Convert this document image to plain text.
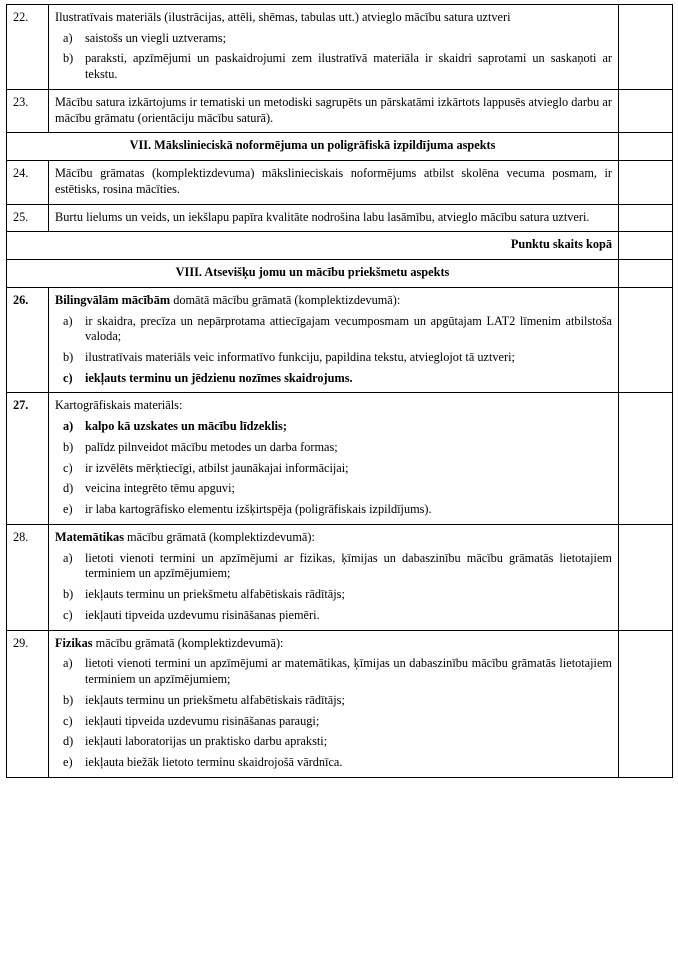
22.	Ilustratīvais materiāls (ilustrācijas, attēli, shēmas, tabulas utt.) atvieglo mācību satura uztveri
a) saistošs un viegli uztverams;
b) paraksti, apzīmējumi un paskaidrojumi zem ilustratīvā materiāla ir skaidri saprotami un saskaņoti ar tekstu.

23.	Mācību satura izkārtojums ir tematiski un metodiski sagrupēts un pārskatāmi izkārtots lappusēs atvieglo darbu ar mācību grāmatu (orientāciju mācību saturā).	

VII. Mākslinieciskā noformējuma un poligrāfiskā izpildījuma aspekts		
24.	Mācību grāmatas (komplektizdevuma) mākslinieciskais noformējums atbilst skolēna vecuma posmam, ir estētisks, rosina mācīties.	

25.	Burtu lielums un veids, un iekšlapu papīra kvalitāte nodrošina labu lasāmību, atvieglo mācību satura uztveri.	

Punktu skaits kopā		
VIII. Atsevišķu jomu un mācību priekšmetu aspekts		
26.	Bilingvālām mācībām domātā mācību grāmatā (komplektizdevumā):
a) ir skaidra, precīza un nepārprotama attiecīgajam vecumposmam un apgūtajam LAT2 līmenim atbilstoša valoda;
b) ilustratīvais materiāls veic informatīvo funkciju, papildina tekstu, atvieglojot tā uztveri;
c) iekļauts terminu un jēdzienu nozīmes skaidrojums.

27.	Kartogrāfiskais materiāls:
a) kalpo kā uzskates un mācību līdzeklis;
b) palīdz pilnveidot mācību metodes un darba formas;
c) ir izvēlēts mērķtiecīgi, atbilst jaunākajai informācijai;
d) veicina integrēto tēmu apguvi;
e) ir laba kartogrāfisko elementu izšķirtspēja (poligrāfiskais izpildījums).

28.	Matemātikas mācību grāmatā (komplektizdevumā):
a) lietoti vienoti termini un apzīmējumi ar fizikas, ķīmijas un dabaszinību mācību grāmatās lietotajiem terminiem un apzīmējumiem;
b) iekļauts terminu un priekšmetu alfabētiskais rādītājs;
c) iekļauti tipveida uzdevumu risināšanas piemēri.

29.	Fizikas mācību grāmatā (komplektizdevumā):
a) lietoti vienoti termini un apzīmējumi ar matemātikas, ķīmijas un dabaszinību mācību grāmatās lietotajiem terminiem un apzīmējumiem;
b) iekļauts terminu un priekšmetu alfabētiskais rādītājs;
c) iekļauti tipveida uzdevumu risināšanas paraugi;
d) iekļauti laboratorijas un praktisko darbu apraksti;
e) iekļauta biežāk lietoto terminu skaidrojošā vārdnīca.
